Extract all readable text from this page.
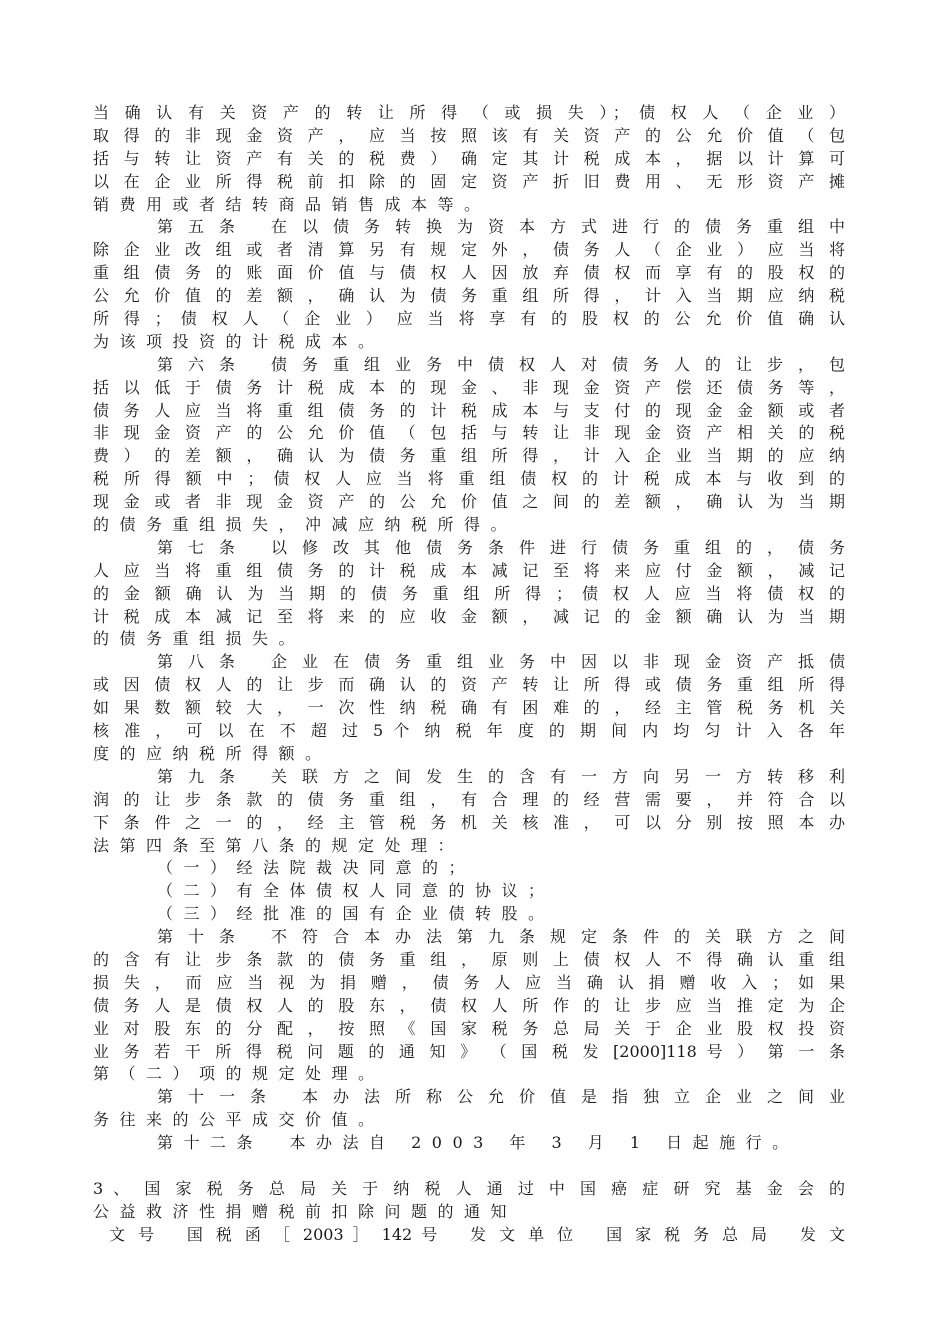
当 确 认 有 关 资 产 的 转 让 所 得 （ 或 损 失 ）； 债 权 人 （ 企 业 ）
取 得 的 非 现 金 资 产 ， 应 当 按 照 该 有 关 资 产 的 公 允 价 值 （ 包
括 与 转 让 资 产 有 关 的 税 费 ） 确 定 其 计 税 成 本 ， 据 以 计 算 可
以 在 企 业 所 得 税 前 扣 除 的 固 定 资 产 折 旧 费 用 、 无 形 资 产 摊
销费用或者结转商品销售成本等。
第 五 条　 在 以 债 务 转 换 为 资 本 方 式 进 行 的 债 务 重 组 中
除 企 业 改 组 或 者 清 算 另 有 规 定 外 ， 债 务 人 （ 企 业 ） 应 当 将
重 组 债 务 的 账 面 价 值 与 债 权 人 因 放 弃 债 权 而 享 有 的 股 权 的
公 允 价 值 的 差 额 ， 确 认 为 债 务 重 组 所 得 ， 计 入 当 期 应 纳 税
所 得 ； 债 权 人 （ 企 业 ） 应 当 将 享 有 的 股 权 的 公 允 价 值 确 认
为该项投资的计税成本。
第 六 条　 债 务 重 组 业 务 中 债 权 人 对 债 务 人 的 让 步 ， 包
括 以 低 于 债 务 计 税 成 本 的 现 金 、 非 现 金 资 产 偿 还 债 务 等 ，
债 务 人 应 当 将 重 组 债 务 的 计 税 成 本 与 支 付 的 现 金 金 额 或 者
非 现 金 资 产 的 公 允 价 值 （ 包 括 与 转 让 非 现 金 资 产 相 关 的 税
费 ） 的 差 额 ， 确 认 为 债 务 重 组 所 得 ， 计 入 企 业 当 期 的 应 纳
税 所 得 额 中 ； 债 权 人 应 当 将 重 组 债 权 的 计 税 成 本 与 收 到 的
现 金 或 者 非 现 金 资 产 的 公 允 价 值 之 间 的 差 额 ， 确 认 为 当 期
的债务重组损失，冲减应纳税所得。
第 七 条　 以 修 改 其 他 债 务 条 件 进 行 债 务 重 组 的 ， 债 务
人 应 当 将 重 组 债 务 的 计 税 成 本 减 记 至 将 来 应 付 金 额 ， 减 记
的 金 额 确 认 为 当 期 的 债 务 重 组 所 得 ； 债 权 人 应 当 将 债 权 的
计 税 成 本 减 记 至 将 来 的 应 收 金 额 ， 减 记 的 金 额 确 认 为 当 期
的债务重组损失。
第 八 条　 企 业 在 债 务 重 组 业 务 中 因 以 非 现 金 资 产 抵 债
或 因 债 权 人 的 让 步 而 确 认 的 资 产 转 让 所 得 或 债 务 重 组 所 得
如 果 数 额 较 大 ， 一 次 性 纳 税 确 有 困 难 的 ， 经 主 管 税 务 机 关
核 准 ， 可 以 在 不 超 过 5 个 纳 税 年 度 的 期 间 内 均 匀 计 入 各 年
度的应纳税所得额。
第 九 条　 关 联 方 之 间 发 生 的 含 有 一 方 向 另 一 方 转 移 利
润 的 让 步 条 款 的 债 务 重 组 ， 有 合 理 的 经 营 需 要 ， 并 符 合 以
下 条 件 之 一 的 ， 经 主 管 税 务 机 关 核 准 ， 可 以 分 别 按 照 本 办
法第四条至第八条的规定处理：
（一）经法院裁决同意的；
（二）有全体债权人同意的协议；
（三）经批准的国有企业债转股。
第 十 条　 不 符 合 本 办 法 第 九 条 规 定 条 件 的 关 联 方 之 间
的 含 有 让 步 条 款 的 债 务 重 组 ， 原 则 上 债 权 人 不 得 确 认 重 组
损 失 ， 而 应 当 视 为 捐 赠 ， 债 务 人 应 当 确 认 捐 赠 收 入 ； 如 果
债 务 人 是 债 权 人 的 股 东 ， 债 权 人 所 作 的 让 步 应 当 推 定 为 企
业 对 股 东 的 分 配 ， 按 照 《 国 家 税 务 总 局 关 于 企 业 股 权 投 资
业 务 若 干 所 得 税 问 题 的 通 知 》 （ 国 税 发 [2000]118 号 ） 第 一 条
第（二）项的规定处理。
第 十 一 条　 本 办 法 所 称 公 允 价 值 是 指 独 立 企 业 之 间 业
务往来的公平成交价值。
第十二条　本办法自 2003 年 3 月 1 日起施行。
3 、 国 家 税 务 总 局 关 于 纳 税 人 通 过 中 国 癌 症 研 究 基 金 会 的
公益救济性捐赠税前扣除问题的通知
文 号　 国 税 函 ［ 2003 ］ 142 号　 发 文 单 位　 国 家 税 务 总 局　 发 文
